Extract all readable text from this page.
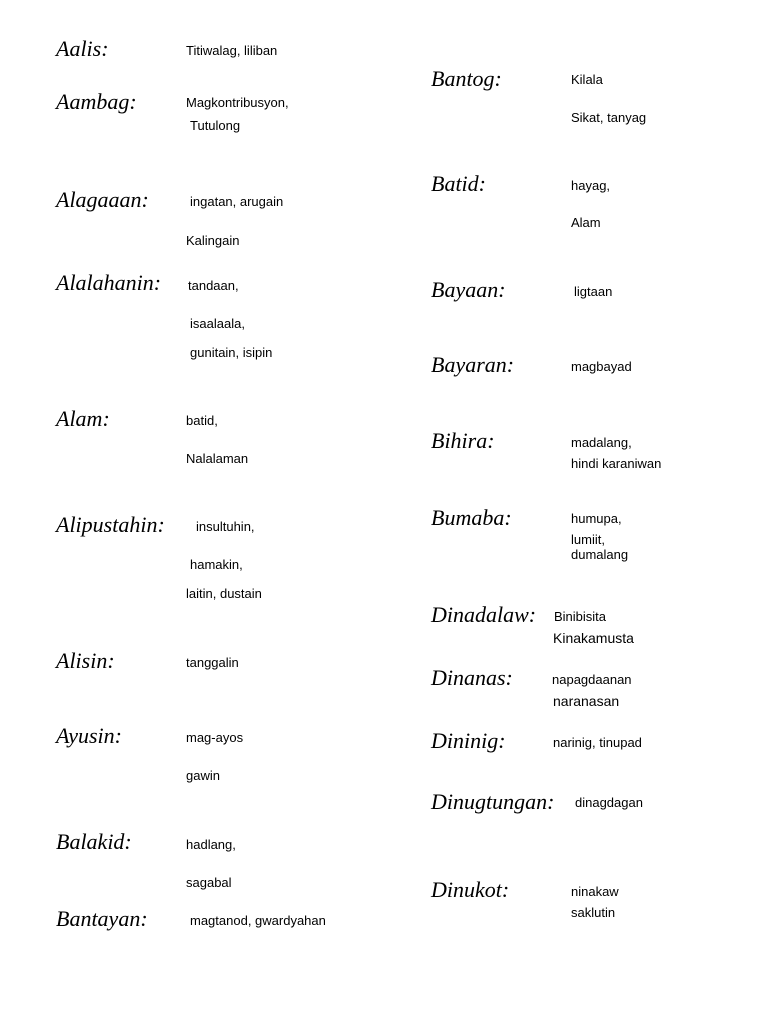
Aalis:	Titiwalag, liliban
Aambag:	Magkontribusyon,
Tutulong
Alagaaan:	ingatan, arugain
Kalingain
Alalahanin: tandaan,
isaalaala,
gunitain, isipin
Alam:	batid,
Nalalaman
Alipustahin: insultuhin,
hamakin,
laitin, dustain
Alisin:	tanggalin
Ayusin:	mag-ayos
gawin
Balakid:	hadlang,
sagabal
Bantayan:	magtanod, gwardyahan
Bantog:	Kilala
Sikat, tanyag
Batid:	hayag,
Alam
Bayaan:	ligtaan
Bayaran:	magbayad
Bihira:	madalang,
hindi karaniwan
Bumaba:	humupa,
lumiit,
dumalang
Dinadalaw: Binibisita
Kinakamusta
Dinanas:	napagdaanan
naranasan
Dininig:	narinig, tinupad
Dinugtungan: dinagdagan
Dinukot:	ninakaw
saklutin
